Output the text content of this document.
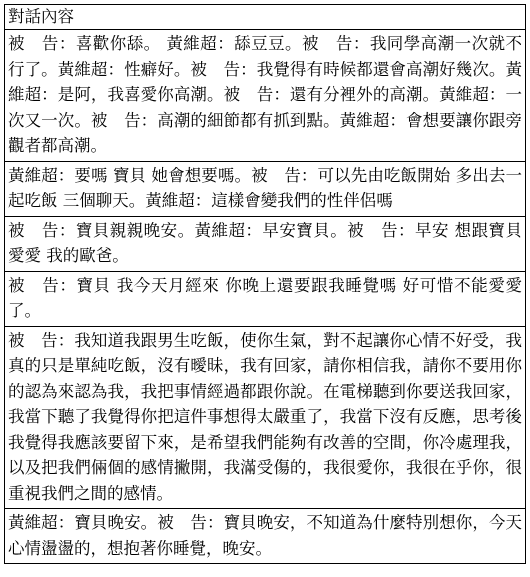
對話內容
被　告：喜歡你舔。 黃維超：舔豆豆。被　告：我同學高潮一次就不行了。黃維超：性癖好。被　告：我覺得有時候都還會高潮好幾次。黃維超：是阿，我喜愛你高潮。被　告：還有分裡外的高潮。黃維超：一次又一次。被　告：高潮的細節都有抓到點。黃維超：會想要讓你跟旁觀者都高潮。
黃維超：要嗎 寶貝 她會想要嗎。被　告：可以先由吃飯開始 多出去一起吃飯 三個聊天。黃維超：這樣會變我們的性伴侶嗎
被　告：寶貝親親晚安。黃維超：早安寶貝。被　告：早安 想跟寶貝愛愛 我的歐爸。
被　告：寶貝 我今天月經來 你晚上還要跟我睡覺嗎 好可惜不能愛愛了。
被　告：我知道我跟男生吃飯，使你生氣，對不起讓你心情不好受，我真的只是單純吃飯，沒有曖昧，我有回家，請你相信我，請你不要用你的認為來認為我，我把事情經過都跟你說。在電梯聽到你要送我回家，我當下聽了我覺得你把這件事想得太嚴重了，我當下沒有反應，思考後我覺得我應該要留下來，是希望我們能夠有改善的空間，你冷處理我，以及把我們倆個的感情撇開，我滿受傷的，我很愛你，我很在乎你，很重視我們之間的感情。
黃維超：寶貝晚安。被　告：寶貝晚安，不知道為什麼特別想你，今天心情盪盪的，想抱著你睡覺，晚安。
